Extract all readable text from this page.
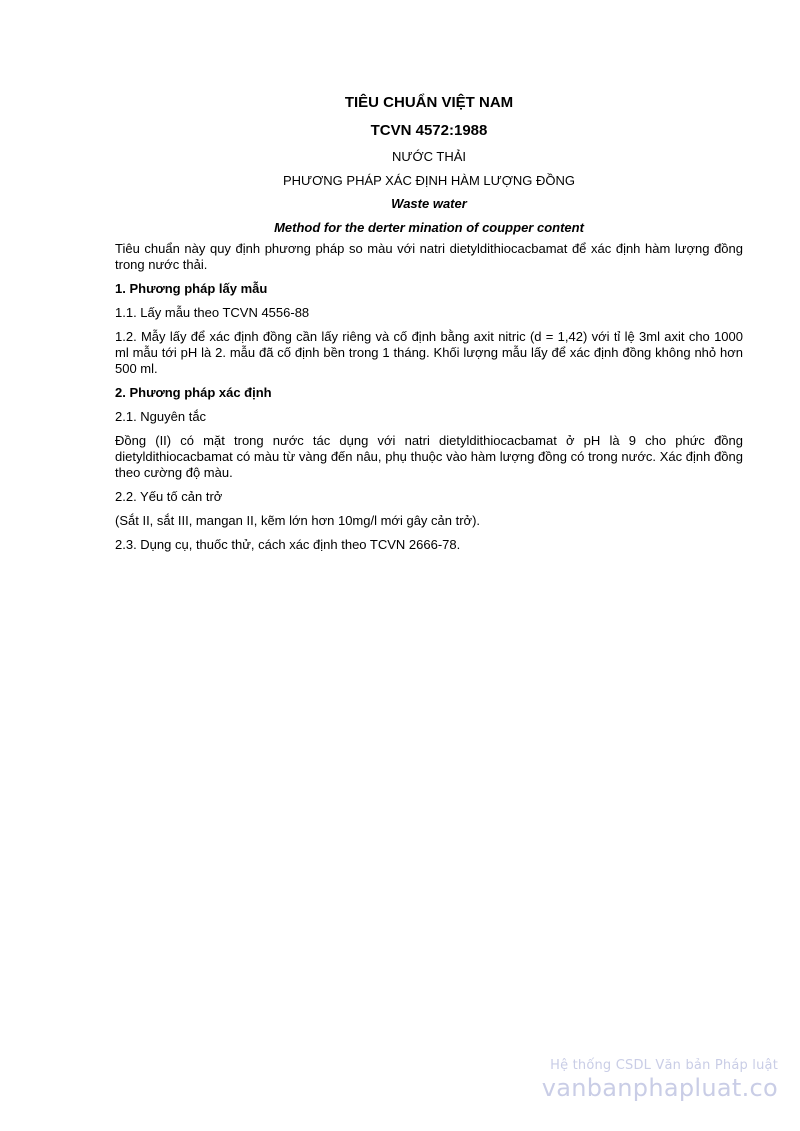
TIÊU CHUẨN VIỆT NAM
TCVN 4572:1988
NƯỚC THẢI
PHƯƠNG PHÁP XÁC ĐỊNH HÀM LƯỢNG ĐỒNG
Waste water
Method for the derter mination of coupper content

Tiêu chuẩn này quy định phương pháp so màu với natri dietyldithiocacbamat để xác định hàm lượng đồng trong nước thải.

1. Phương pháp lấy mẫu

1.1. Lấy mẫu theo TCVN 4556-88

1.2. Mẫy lấy để xác định đồng cần lấy riêng và cố định bằng axit nitric (d = 1,42) với tỉ lệ 3ml axit cho 1000 ml mẫu tới pH là 2. mẫu đã cố định bền trong 1 tháng. Khối lượng mẫu lấy để xác định đồng không nhỏ hơn 500 ml.

2. Phương pháp xác định

2.1. Nguyên tắc

Đồng (II) có mặt trong nước tác dụng với natri dietyldithiocacbamat ở pH là 9 cho phức đồng dietyldithiocacbamat có màu từ vàng đến nâu, phụ thuộc vào hàm lượng đồng có trong nước. Xác định đồng theo cường độ màu.

2.2. Yếu tố cản trở

(Sắt II, sắt III, mangan II, kẽm lớn hơn 10mg/l mới gây cản trở).

2.3. Dụng cụ, thuốc thử, cách xác định theo TCVN 2666-78.

Hệ thống CSDL Văn bản Pháp luật
vanbanphapluat.co
